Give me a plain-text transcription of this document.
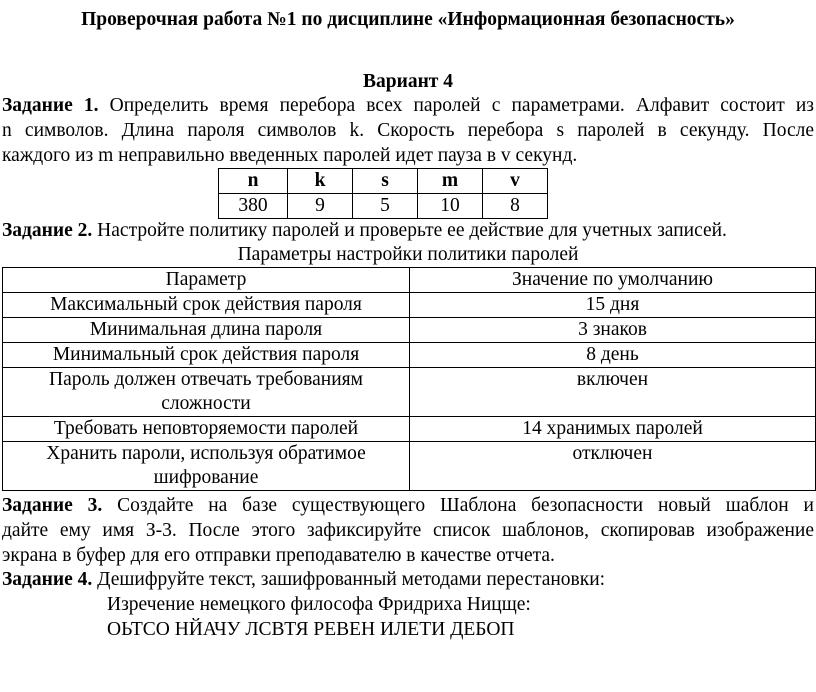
Проверочная работа №1 по дисциплине «Информационная безопасность»
Вариант 4
Задание 1. Определить время перебора всех паролей с параметрами. Алфавит состоит из
n символов. Длина пароля символов k. Скорость перебора s паролей в секунду. После
каждого из m неправильно введенных паролей идет пауза в v секунд.
n	k	s	m	v
380	9	5	10	8
Задание 2. Настройте политику паролей и проверьте ее действие для учетных записей.
Параметры настройки политики паролей
Параметр	Значение по умолчанию
Максимальный срок действия пароля	15 дня
Минимальная длина пароля	3 знаков
Минимальный срок действия пароля	8 день
Пароль должен отвечать требованиям сложности	включен
Требовать неповторяемости паролей	14 хранимых паролей
Хранить пароли, используя обратимое шифрование	отключен
Задание 3. Создайте на базе существующего Шаблона безопасности новый шаблон и
дайте ему имя З-3. После этого зафиксируйте список шаблонов, скопировав изображение
экрана в буфер для его отправки преподавателю в качестве отчета.
Задание 4. Дешифруйте текст, зашифрованный методами перестановки:
Изречение немецкого философа Фридриха Ницще:
ОЬТСО НЙАЧУ ЛСВТЯ РЕВЕН ИЛЕТИ ДЕБОП
